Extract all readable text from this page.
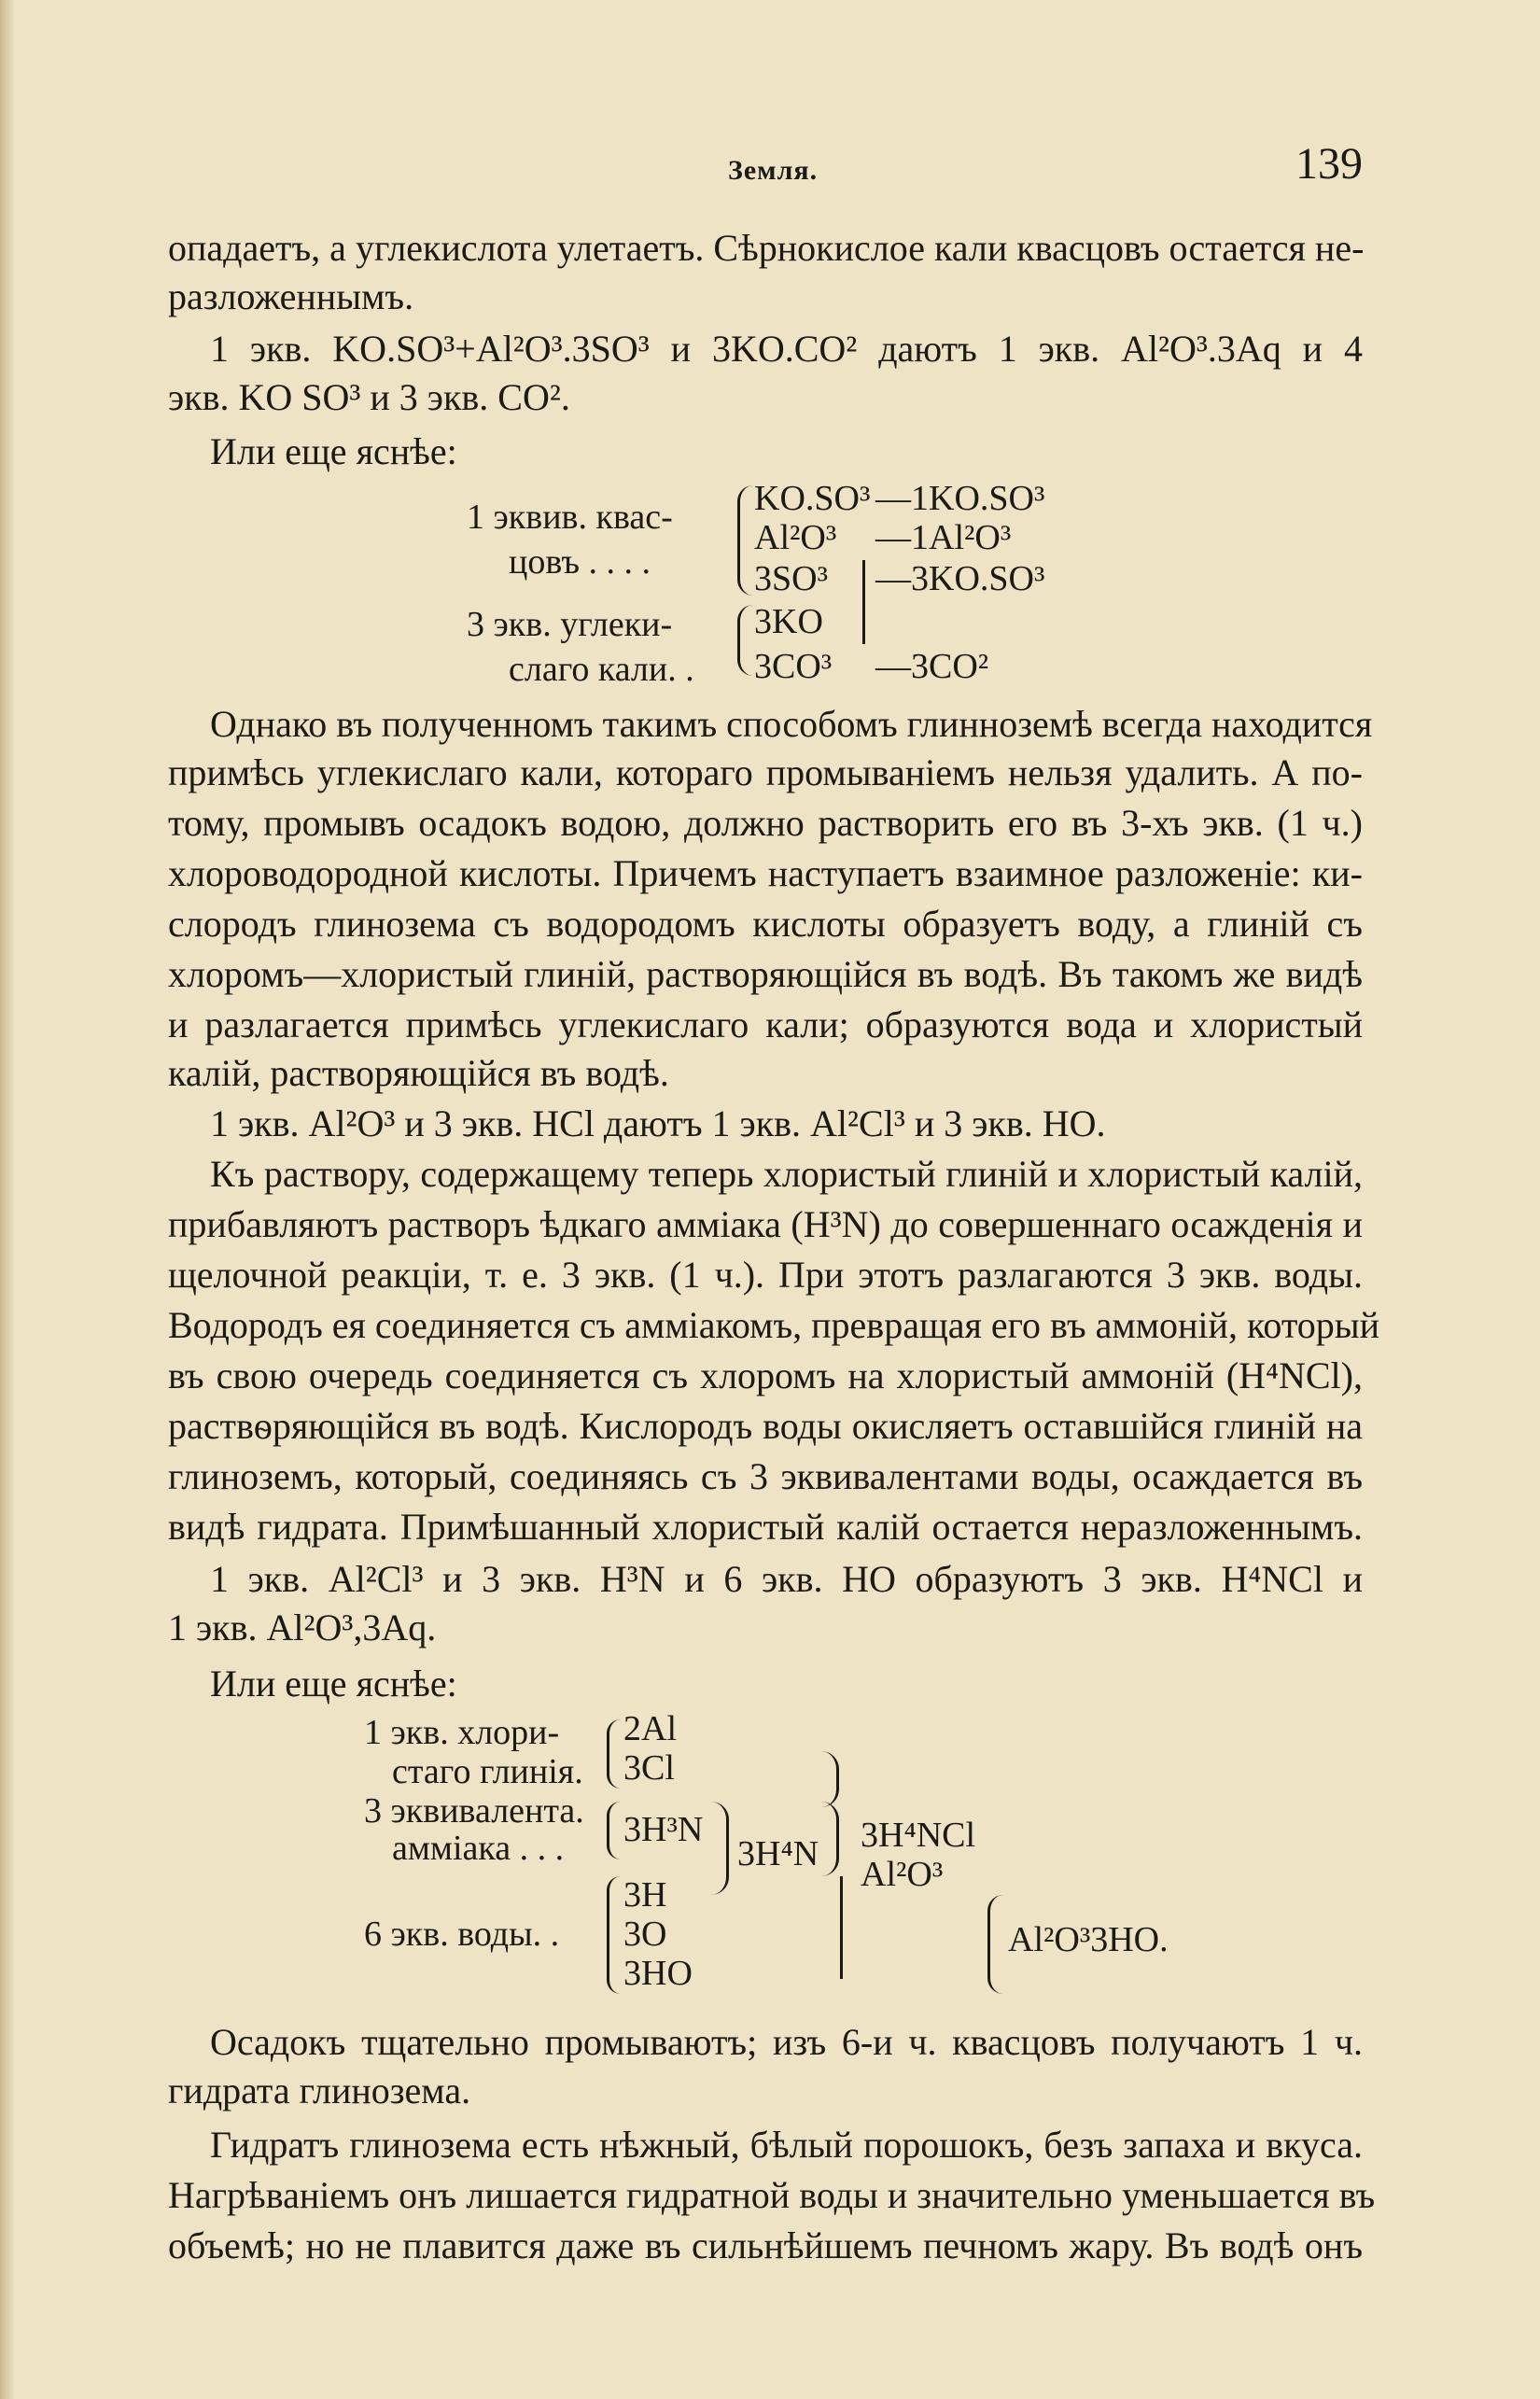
Земля.	139
опадаетъ, а углекислота улетаетъ. Сѣрнокислое кали квасцовъ остается не-
разложеннымъ.
1 экв. KO.SO³+Al²O³.3SO³ и 3KO.CO² даютъ 1 экв. Al²O³.3Aq и 4
экв. KO SO³ и 3 экв. CO².
Или еще яснѣе:
1 эквив. квас-
цовъ . . . .
3 экв. углеки-
слаго кали. .
KO.SO³
Al²O³
3SO³
3KO
3CO³
—1KO.SO³
—1Al²O³
—3KO.SO³
—3CO²
Однако въ полученномъ такимъ способомъ глинноземѣ всегда находится
примѣсь углекислаго кали, котораго промываніемъ нельзя удалить. А по-
тому, промывъ осадокъ водою, должно растворить его въ 3-хъ экв. (1 ч.)
хлороводородной кислоты. Причемъ наступаетъ взаимное разложеніе: ки-
слородъ глинозема съ водородомъ кислоты образуетъ воду, а глиній съ
хлоромъ—хлористый глиній, растворяющійся въ водѣ. Въ такомъ же видѣ
и разлагается примѣсь углекислаго кали; образуются вода и хлористый
калій, растворяющійся въ водѣ.
1 экв. Al²O³ и 3 экв. HCl даютъ 1 экв. Al²Cl³ и 3 экв. HO.
Къ раствору, содержащему теперь хлористый глиній и хлористый калій,
прибавляютъ растворъ ѣдкаго амміака (H³N) до совершеннаго осажденія и
щелочной реакціи, т. е. 3 экв. (1 ч.). При этотъ разлагаются 3 экв. воды.
Водородъ ея соединяется съ амміакомъ, превращая его въ аммоній, который
въ свою очередь соединяется съ хлоромъ на хлористый аммоній (H⁴NCl),
раствѳряющійся въ водѣ. Кислородъ воды окисляетъ оставшійся глиній на
глиноземъ, который, соединяясь съ 3 эквивалентами воды, осаждается въ
видѣ гидрата. Примѣшанный хлористый калій остается неразложеннымъ.
1 экв. Al²Cl³ и 3 экв. H³N и 6 экв. HO образуютъ 3 экв. H⁴NCl и
1 экв. Al²O³,3Aq.
Или еще яснѣе:
1 экв. хлори-
стаго глинія.
3 эквивалента.
амміака . . .
6 экв. воды. .
2Al
3Cl
3H³N
3H
3O
3HO
3H⁴N 3H⁴NCl
Al²O³
Al²O³3HO.
Осадокъ тщательно промываютъ; изъ 6-и ч. квасцовъ получаютъ 1 ч.
гидрата глинозема.
Гидратъ глинозема есть нѣжный, бѣлый порошокъ, безъ запаха и вкуса.
Нагрѣваніемъ онъ лишается гидратной воды и значительно уменьшается въ
объемѣ; но не плавится даже въ сильнѣйшемъ печномъ жару. Въ водѣ онъ
